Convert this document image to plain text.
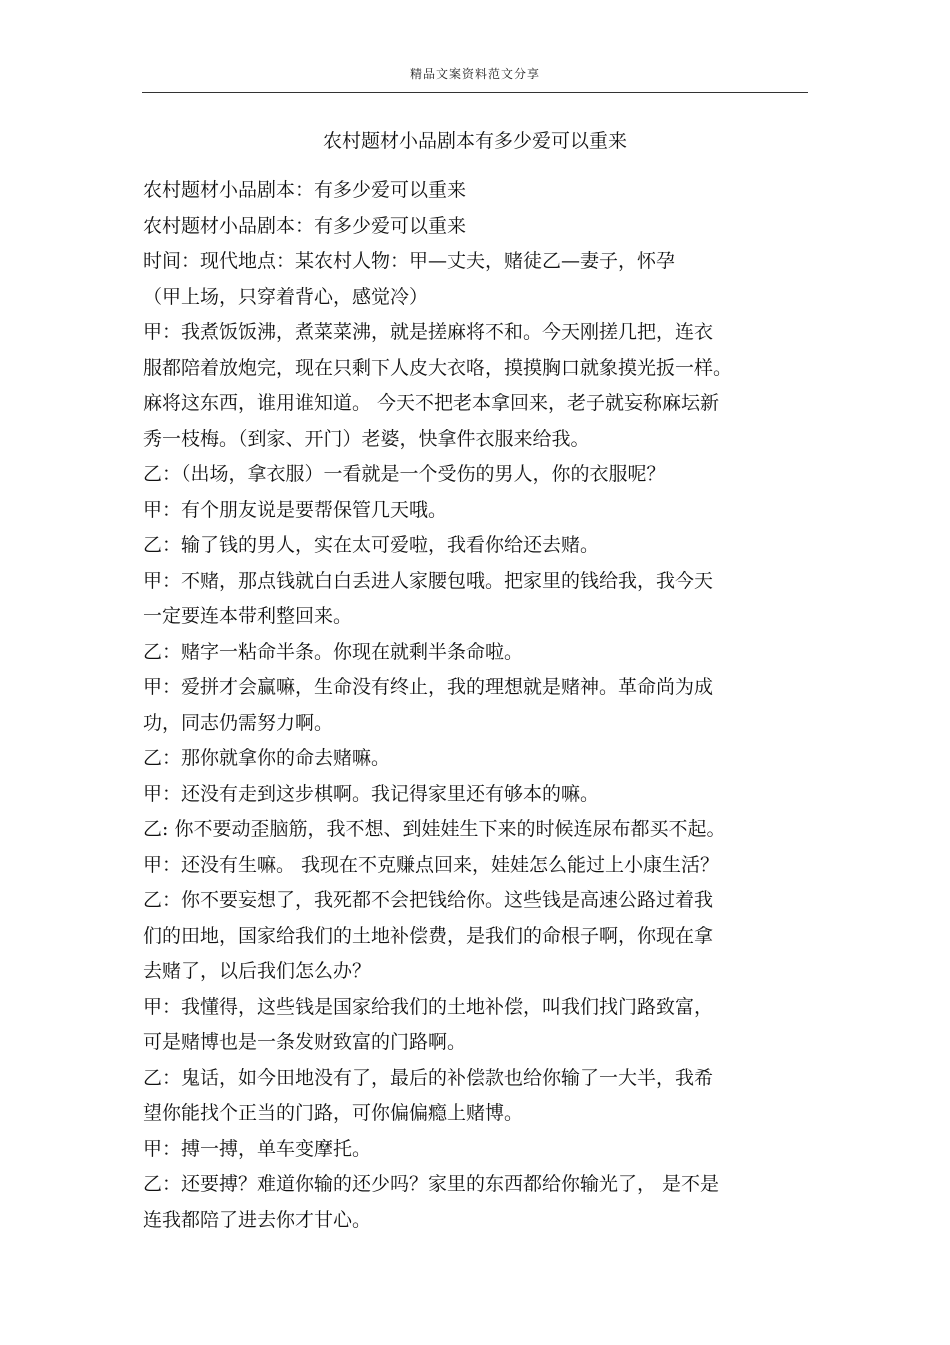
精品文案资料范文分享
农村题材小品剧本有多少爱可以重来

农村题材小品剧本：有多少爱可以重来

农村题材小品剧本：有多少爱可以重来

时间：现代地点：某农村人物：甲—丈夫，赌徒乙—妻子，怀孕

（甲上场，只穿着背心，感觉冷）

甲：我煮饭饭沸，煮菜菜沸，就是搓麻将不和。今天刚搓几把，连衣

服都陪着放炮完，现在只剩下人皮大衣咯，摸摸胸口就象摸光扳一样。

麻将这东西，谁用谁知道。 今天不把老本拿回来，老子就妄称麻坛新

秀一枝梅。（到家、开门）老婆，快拿件衣服来给我。

乙：（出场，拿衣服）一看就是一个受伤的男人，你的衣服呢？

甲：有个朋友说是要帮保管几天哦。

乙：输了钱的男人，实在太可爱啦，我看你给还去赌。

甲：不赌，那点钱就白白丢进人家腰包哦。把家里的钱给我，我今天

一定要连本带利整回来。

乙：赌字一粘命半条。你现在就剩半条命啦。

甲：爱拼才会赢嘛，生命没有终止，我的理想就是赌神。革命尚为成

功，同志仍需努力啊。

乙：那你就拿你的命去赌嘛。

甲：还没有走到这步棋啊。我记得家里还有够本的嘛。

乙: 你不要动歪脑筋，我不想、到娃娃生下来的时候连尿布都买不起。

甲：还没有生嘛。 我现在不克赚点回来，娃娃怎么能过上小康生活？

乙：你不要妄想了，我死都不会把钱给你。这些钱是高速公路过着我

们的田地，国家给我们的土地补偿费，是我们的命根子啊，你现在拿

去赌了，以后我们怎么办？

甲：我懂得，这些钱是国家给我们的土地补偿，叫我们找门路致富，

可是赌博也是一条发财致富的门路啊。

乙：鬼话，如今田地没有了，最后的补偿款也给你输了一大半，我希

望你能找个正当的门路，可你偏偏瘾上赌博。

甲：搏一搏，单车变摩托。

乙：还要搏？难道你输的还少吗？家里的东西都给你输光了， 是不是

连我都陪了进去你才甘心。
